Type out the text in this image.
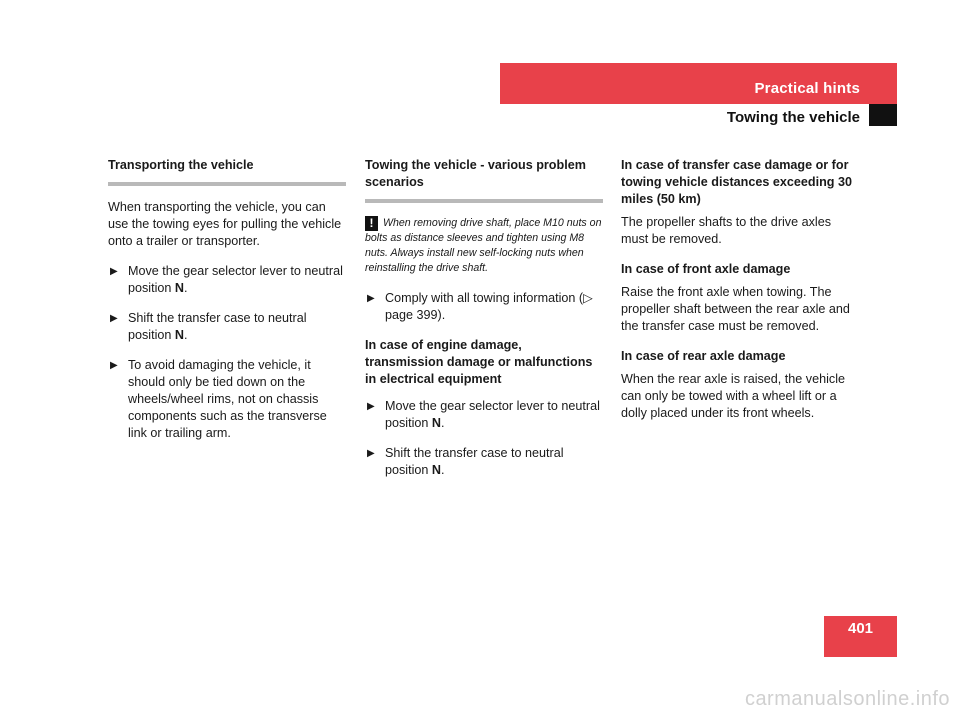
Practical hints
Towing the vehicle
Transporting the vehicle

When transporting the vehicle, you can use the towing eyes for pulling the vehicle onto a trailer or transporter.

▶ Move the gear selector lever to neutral position N.
▶ Shift the transfer case to neutral position N.
▶ To avoid damaging the vehicle, it should only be tied down on the wheels/wheel rims, not on chassis components such as the transverse link or trailing arm.
Towing the vehicle - various problem scenarios
! When removing drive shaft, place M10 nuts on bolts as distance sleeves and tighten using M8 nuts. Always install new self-locking nuts when reinstalling the drive shaft.
▶ Comply with all towing information (▷ page 399).
In case of engine damage, transmission damage or malfunctions in electrical equipment
▶ Move the gear selector lever to neutral position N.
▶ Shift the transfer case to neutral position N.
In case of transfer case damage or for towing vehicle distances exceeding 30 miles (50 km)

The propeller shafts to the drive axles must be removed.

In case of front axle damage

Raise the front axle when towing. The propeller shaft between the rear axle and the transfer case must be removed.

In case of rear axle damage

When the rear axle is raised, the vehicle can only be towed with a wheel lift or a dolly placed under its front wheels.

401
carmanualsonline.info
